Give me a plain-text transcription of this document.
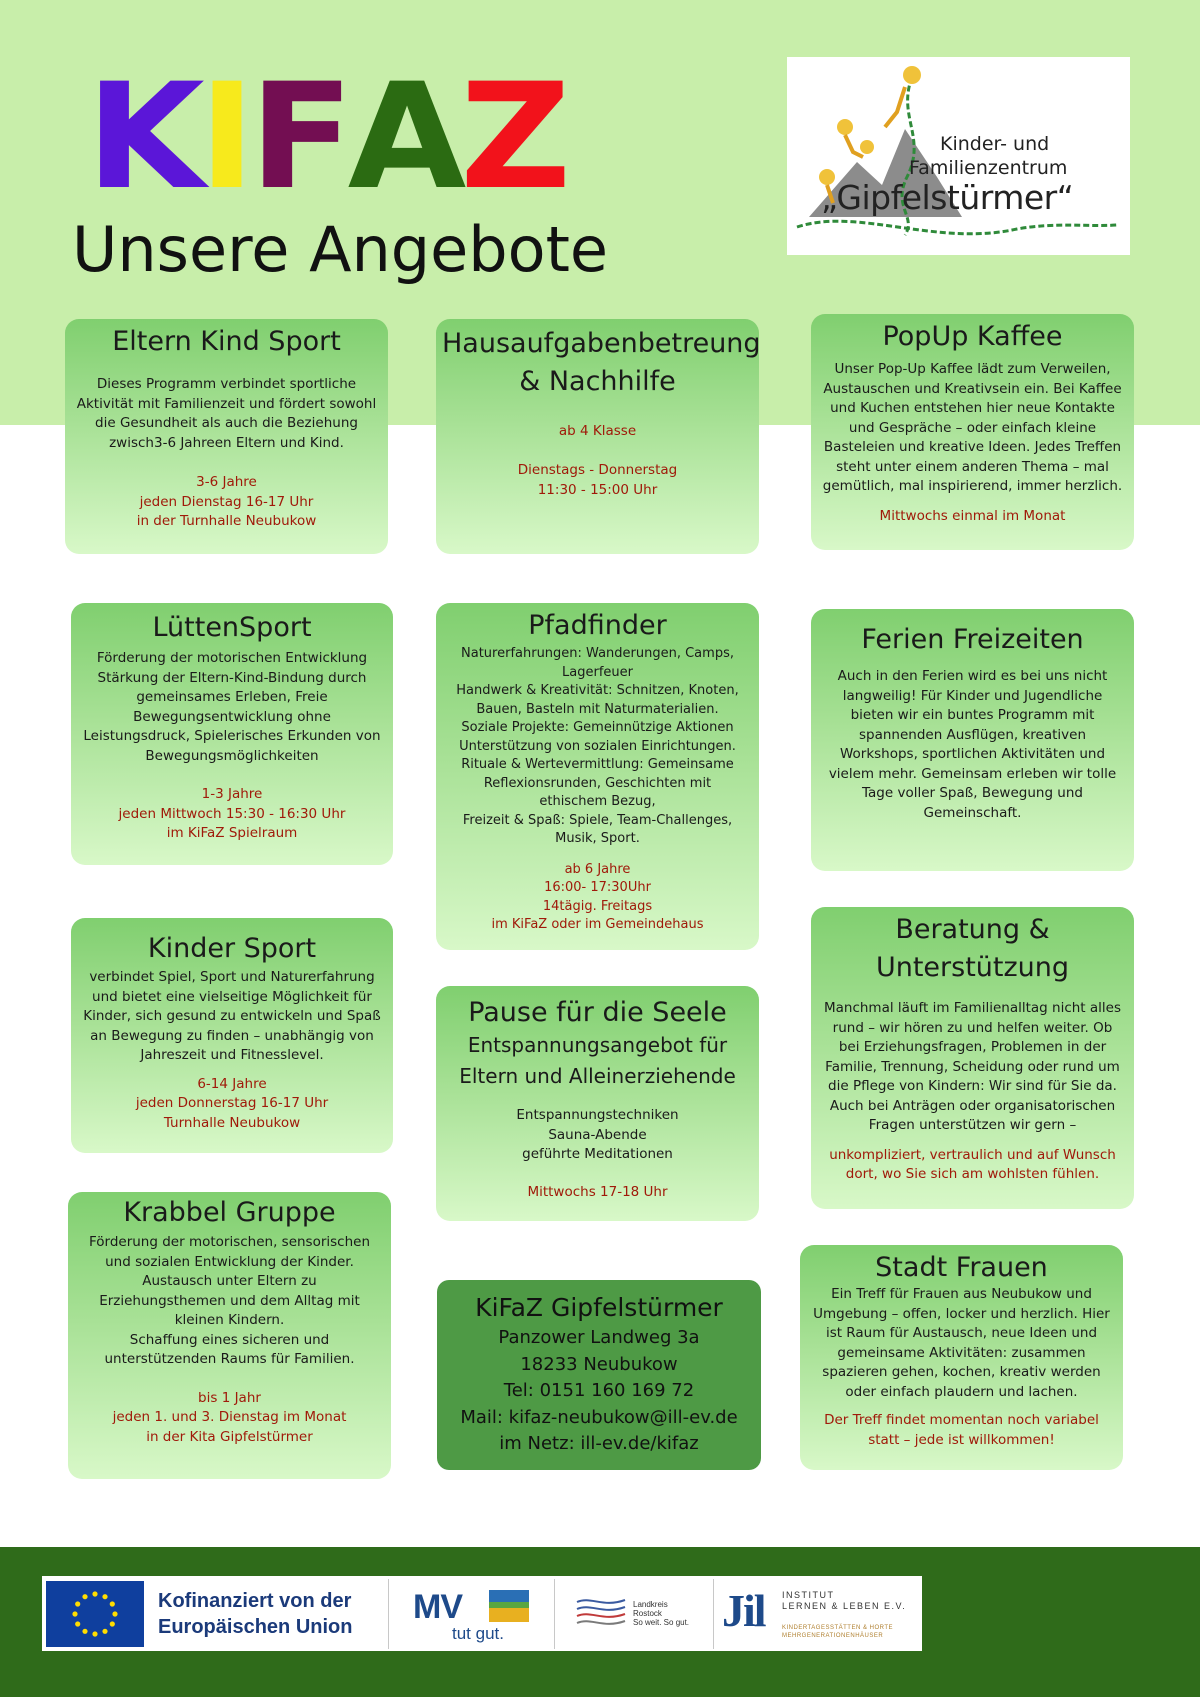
K I F A Z
Unsere Angebote
Kinder- und
Familienzentrum
„Gipfelstürmer“
Eltern Kind Sport
Dieses Programm verbindet sportliche
Aktivität mit Familienzeit und fördert sowohl
die Gesundheit als auch die Beziehung
zwisch3-6 Jahreen Eltern und Kind.
3-6 Jahre
jeden Dienstag 16-17 Uhr
in der Turnhalle Neubukow
LüttenSport
Förderung der motorischen Entwicklung
Stärkung der Eltern-Kind-Bindung durch
gemeinsames Erleben, Freie
Bewegungsentwicklung ohne
Leistungsdruck, Spielerisches Erkunden von
Bewegungsmöglichkeiten
1-3 Jahre
jeden Mittwoch 15:30 - 16:30 Uhr
im KiFaZ Spielraum
Kinder Sport
verbindet Spiel, Sport und Naturerfahrung
und bietet eine vielseitige Möglichkeit für
Kinder, sich gesund zu entwickeln und Spaß
an Bewegung zu finden – unabhängig von
Jahreszeit und Fitnesslevel.
6-14 Jahre
jeden Donnerstag 16-17 Uhr
Turnhalle Neubukow
Krabbel Gruppe
Förderung der motorischen, sensorischen
und sozialen Entwicklung der Kinder.
Austausch unter Eltern zu
Erziehungsthemen und dem Alltag mit
kleinen Kindern.
Schaffung eines sicheren und
unterstützenden Raums für Familien.
bis 1 Jahr
jeden 1. und 3. Dienstag im Monat
in der Kita Gipfelstürmer
Hausaufgabenbetreung
& Nachhilfe
ab 4 Klasse

Dienstags - Donnerstag
11:30 - 15:00 Uhr
Pfadfinder
Naturerfahrungen: Wanderungen, Camps,
Lagerfeuer
Handwerk & Kreativität: Schnitzen, Knoten,
Bauen, Basteln mit Naturmaterialien.
Soziale Projekte: Gemeinnützige Aktionen
Unterstützung von sozialen Einrichtungen.
Rituale & Wertevermittlung: Gemeinsame
Reflexionsrunden, Geschichten mit
ethischem Bezug,
Freizeit & Spaß: Spiele, Team-Challenges,
Musik, Sport.
ab 6 Jahre
16:00- 17:30Uhr
14tägig. Freitags
im KiFaZ oder im Gemeindehaus
Pause für die Seele
Entspannungsangebot für
Eltern und Alleinerziehende
Entspannungstechniken
Sauna-Abende
geführte Meditationen
Mittwochs 17-18 Uhr
KiFaZ Gipfelstürmer
Panzower Landweg 3a
18233 Neubukow
Tel: 0151 160 169 72
Mail: kifaz-neubukow@ill-ev.de
im Netz: ill-ev.de/kifaz
PopUp Kaffee
Unser Pop-Up Kaffee lädt zum Verweilen,
Austauschen und Kreativsein ein. Bei Kaffee
und Kuchen entstehen hier neue Kontakte
und Gespräche – oder einfach kleine
Basteleien und kreative Ideen. Jedes Treffen
steht unter einem anderen Thema – mal
gemütlich, mal inspirierend, immer herzlich.
Mittwochs einmal im Monat
Ferien Freizeiten
Auch in den Ferien wird es bei uns nicht
langweilig! Für Kinder und Jugendliche
bieten wir ein buntes Programm mit
spannenden Ausflügen, kreativen
Workshops, sportlichen Aktivitäten und
vielem mehr. Gemeinsam erleben wir tolle
Tage voller Spaß, Bewegung und
Gemeinschaft.
Beratung &
Unterstützung
Manchmal läuft im Familienalltag nicht alles
rund – wir hören zu und helfen weiter. Ob
bei Erziehungsfragen, Problemen in der
Familie, Trennung, Scheidung oder rund um
die Pflege von Kindern: Wir sind für Sie da.
Auch bei Anträgen oder organisatorischen
Fragen unterstützen wir gern –
unkompliziert, vertraulich und auf Wunsch
dort, wo Sie sich am wohlsten fühlen.
Stadt Frauen
Ein Treff für Frauen aus Neubukow und
Umgebung – offen, locker und herzlich. Hier
ist Raum für Austausch, neue Ideen und
gemeinsame Aktivitäten: zusammen
spazieren gehen, kochen, kreativ werden
oder einfach plaudern und lachen.
Der Treff findet momentan noch variabel
statt – jede ist willkommen!
Kofinanziert von der
Europäischen Union
MV
tut gut.
Landkreis
Rostock
So weit. So gut. Jil INSTITUT
LERNEN & LEBEN E.V.
KINDERTAGESSTÄTTEN & HORTE
MEHRGENERATIONENHÄUSER
